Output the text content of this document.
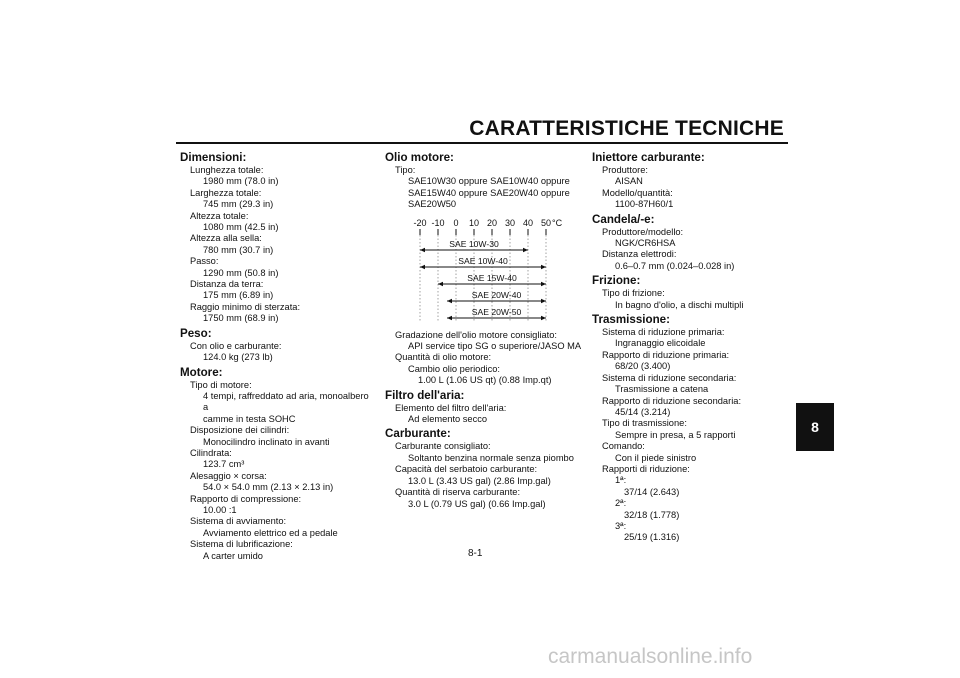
CARATTERISTICHE TECNICHE
8
Dimensioni:
Lunghezza totale:
1980 mm (78.0 in)
Larghezza totale:
745 mm (29.3 in)
Altezza totale:
1080 mm (42.5 in)
Altezza alla sella:
780 mm (30.7 in)
Passo:
1290 mm (50.8 in)
Distanza da terra:
175 mm (6.89 in)
Raggio minimo di sterzata:
1750 mm (68.9 in)
Peso:
Con olio e carburante:
124.0 kg (273 lb)
Motore:
Tipo di motore:
4 tempi, raffreddato ad aria, monoalbero a
camme in testa SOHC
Disposizione dei cilindri:
Monocilindro inclinato in avanti
Cilindrata:
123.7 cm³
Alesaggio × corsa:
54.0 × 54.0 mm (2.13 × 2.13 in)
Rapporto di compressione:
10.00 :1
Sistema di avviamento:
Avviamento elettrico ed a pedale
Sistema di lubrificazione:
A carter umido
Olio motore:
Tipo:
SAE10W30 oppure SAE10W40 oppure
SAE15W40 oppure SAE20W40 oppure
SAE20W50
-20 -10 0 10 20 30 40 50 °C
SAE 10W-30
SAE 10W-40
SAE 15W-40
SAE 20W-40
SAE 20W-50
Gradazione dell'olio motore consigliato:
API service tipo SG o superiore/JASO MA
Quantità di olio motore:
Cambio olio periodico:
1.00 L (1.06 US qt) (0.88 Imp.qt)
Filtro dell'aria:
Elemento del filtro dell'aria:
Ad elemento secco
Carburante:
Carburante consigliato:
Soltanto benzina normale senza piombo
Capacità del serbatoio carburante:
13.0 L (3.43 US gal) (2.86 Imp.gal)
Quantità di riserva carburante:
3.0 L (0.79 US gal) (0.66 Imp.gal)
Iniettore carburante:
Produttore:
AISAN
Modello/quantità:
1100-87H60/1
Candela/-e:
Produttore/modello:
NGK/CR6HSA
Distanza elettrodi:
0.6–0.7 mm (0.024–0.028 in)
Frizione:
Tipo di frizione:
In bagno d'olio, a dischi multipli
Trasmissione:
Sistema di riduzione primaria:
Ingranaggio elicoidale
Rapporto di riduzione primaria:
68/20 (3.400)
Sistema di riduzione secondaria:
Trasmissione a catena
Rapporto di riduzione secondaria:
45/14 (3.214)
Tipo di trasmissione:
Sempre in presa, a 5 rapporti
Comando:
Con il piede sinistro
Rapporti di riduzione:
1ª:
37/14 (2.643)
2ª:
32/18 (1.778)
3ª:
25/19 (1.316)
8-1
carmanualsonline.info
